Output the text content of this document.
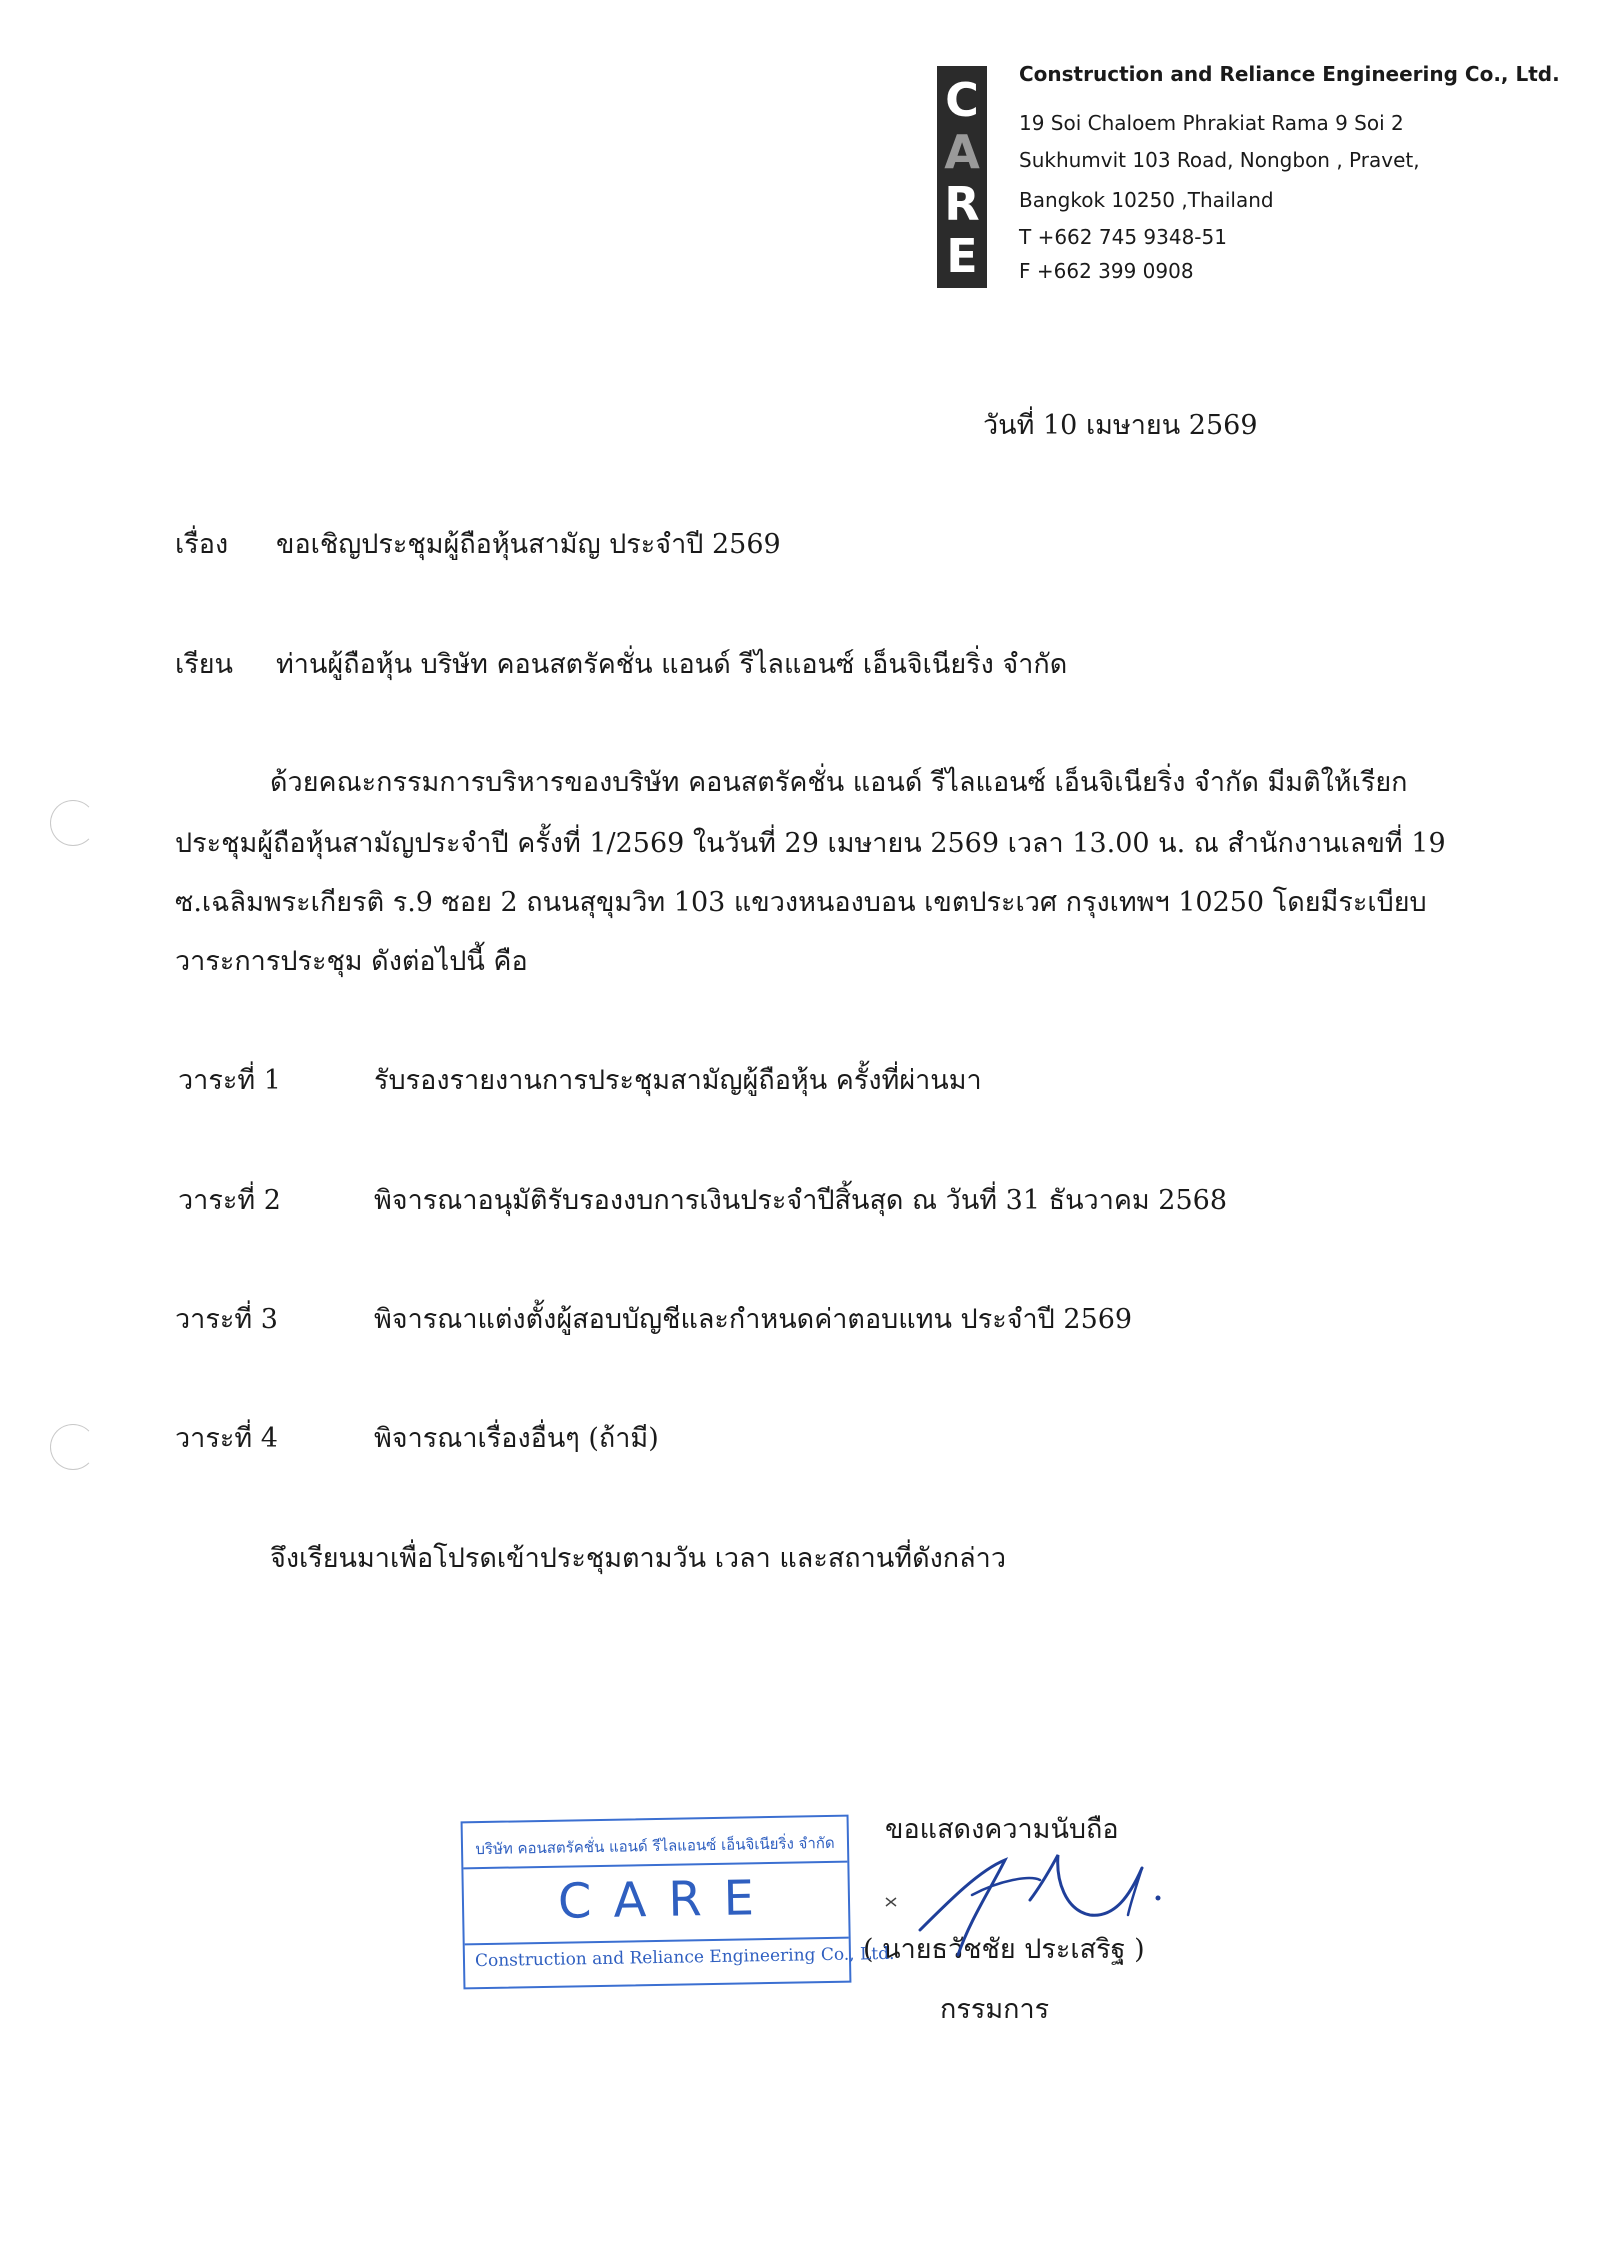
C
A
R
E
Construction and Reliance Engineering Co., Ltd.
19 Soi Chaloem Phrakiat Rama 9 Soi 2
Sukhumvit 103 Road, Nongbon , Pravet,
Bangkok 10250 ,Thailand
T +662 745 9348-51
F +662 399 0908
วันที่ 10 เมษายน 2569
เรื่อง ขอเชิญประชุมผู้ถือหุ้นสามัญ ประจำปี 2569
เรียน ท่านผู้ถือหุ้น บริษัท คอนสตรัคชั่น แอนด์ รีไลแอนซ์ เอ็นจิเนียริ่ง จำกัด
ด้วยคณะกรรมการบริหารของบริษัท คอนสตรัคชั่น แอนด์ รีไลแอนซ์ เอ็นจิเนียริ่ง จำกัด มีมติให้เรียก
ประชุมผู้ถือหุ้นสามัญประจำปี ครั้งที่ 1/2569 ในวันที่ 29 เมษายน 2569 เวลา 13.00 น. ณ สำนักงานเลขที่ 19
ซ.เฉลิมพระเกียรติ ร.9 ซอย 2 ถนนสุขุมวิท 103 แขวงหนองบอน เขตประเวศ กรุงเทพฯ 10250 โดยมีระเบียบ
วาระการประชุม ดังต่อไปนี้ คือ
วาระที่ 1	รับรองรายงานการประชุมสามัญผู้ถือหุ้น ครั้งที่ผ่านมา
วาระที่ 2	พิจารณาอนุมัติรับรองงบการเงินประจำปีสิ้นสุด ณ วันที่ 31 ธันวาคม 2568
วาระที่ 3	พิจารณาแต่งตั้งผู้สอบบัญชีและกำหนดค่าตอบแทน ประจำปี 2569
วาระที่ 4	พิจารณาเรื่องอื่นๆ (ถ้ามี)
จึงเรียนมาเพื่อโปรดเข้าประชุมตามวัน เวลา และสถานที่ดังกล่าว
ขอแสดงความนับถือ
( นายธวัชชัย ประเสริฐ )
กรรมการ
บริษัท คอนสตรัคชั่น แอนด์ รีไลแอนซ์ เอ็นจิเนียริ่ง จำกัด
CARE
Construction and Reliance Engineering Co., Ltd.
